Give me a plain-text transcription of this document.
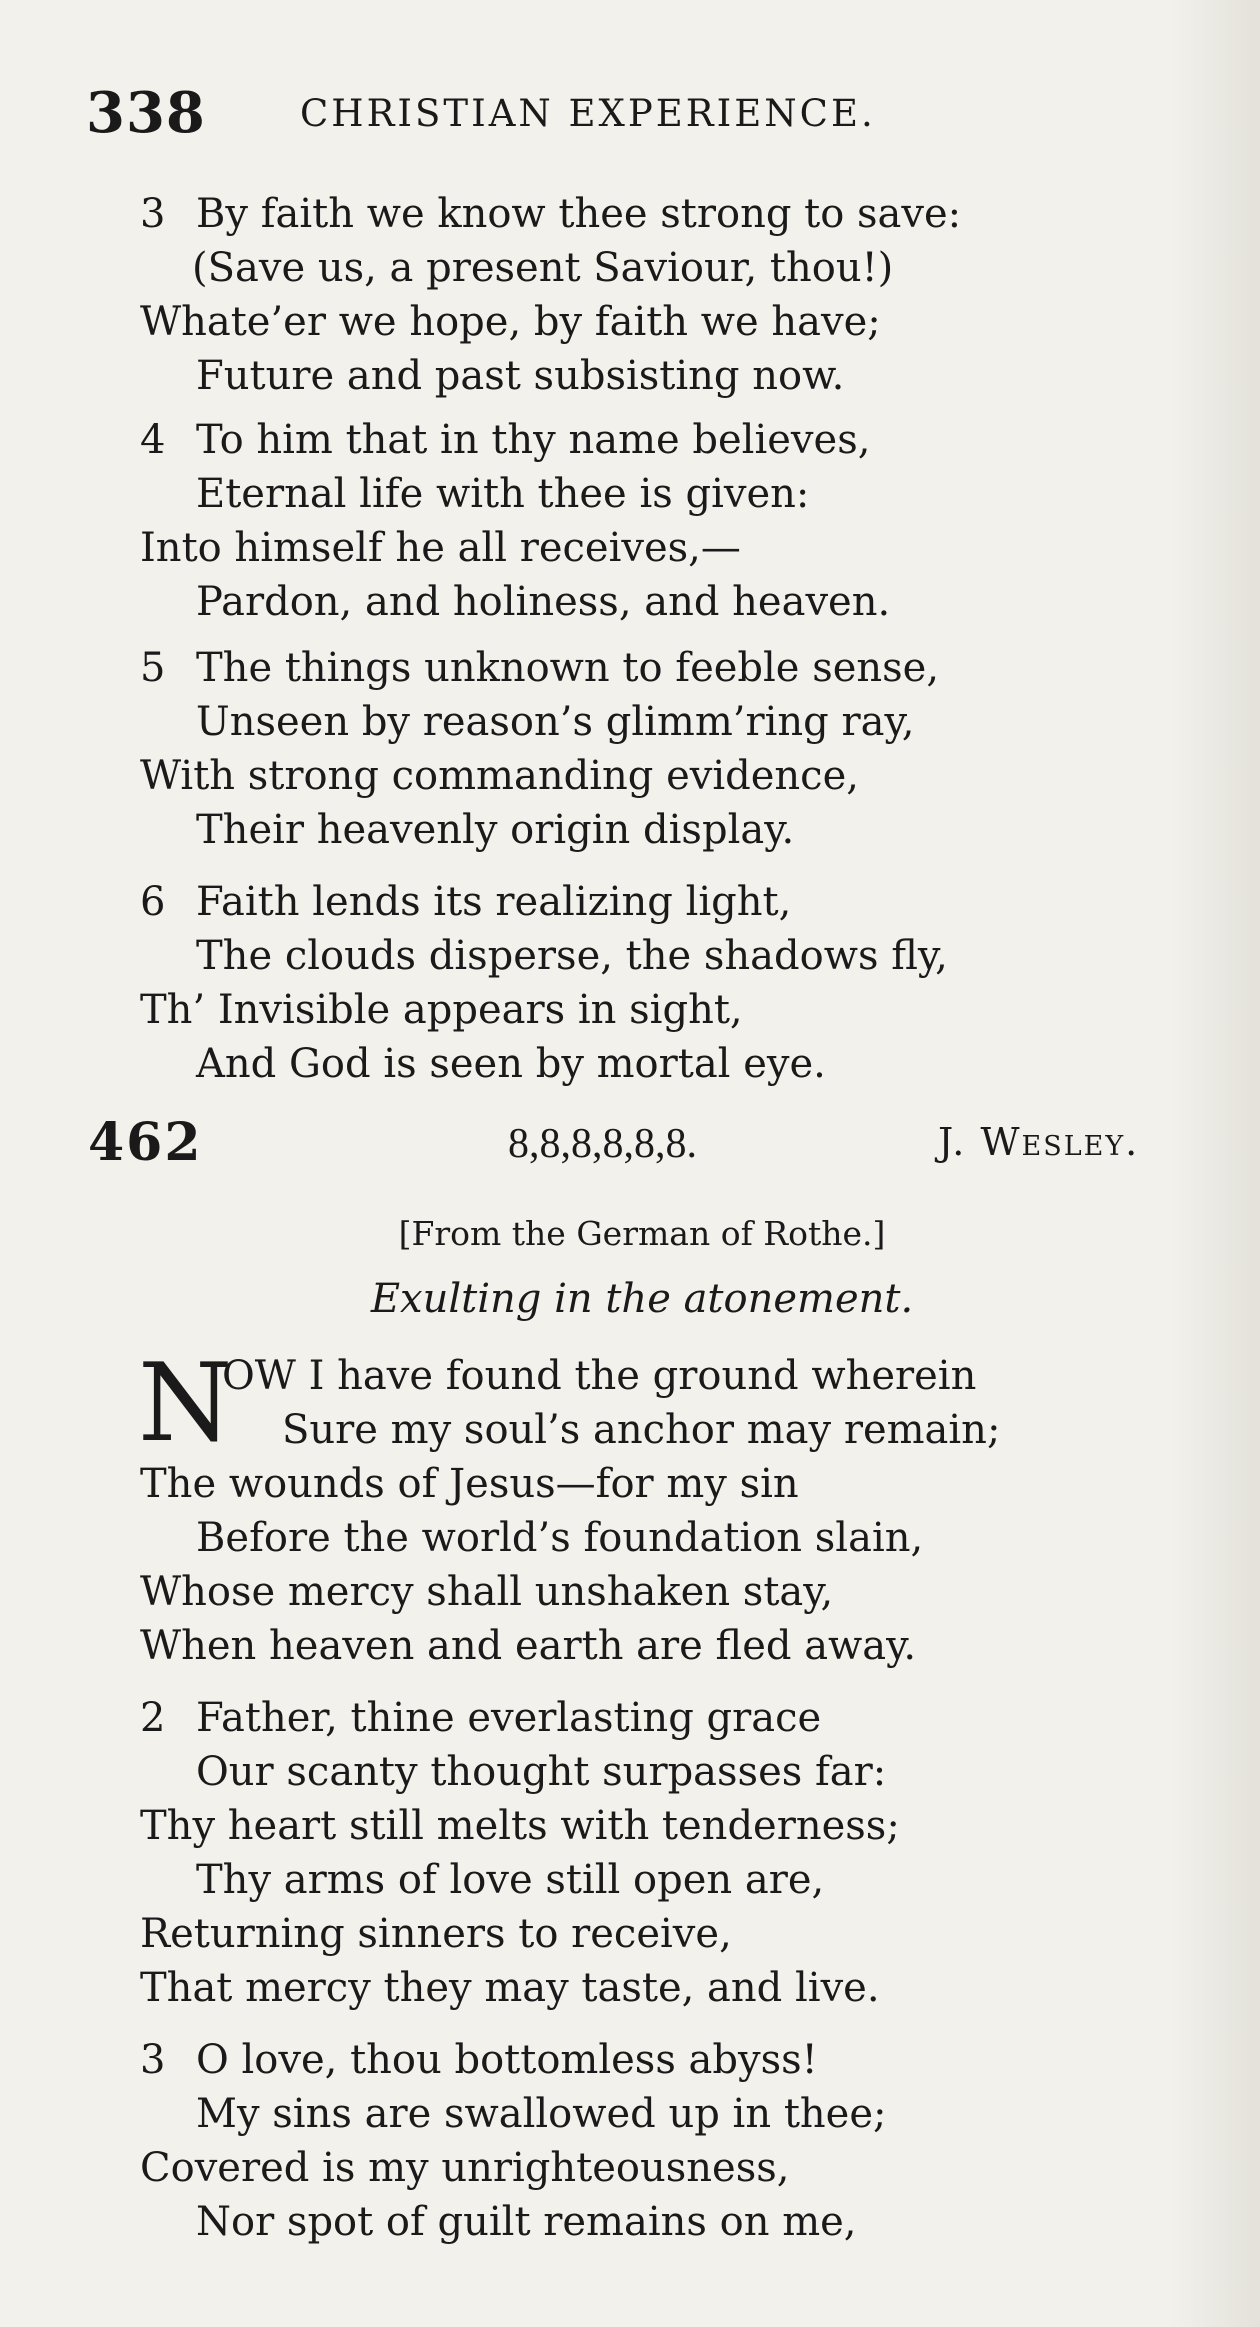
338	CHRISTIAN EXPERIENCE.
3 By faith we know thee strong to save:
(Save us, a present Saviour, thou!)
Whate’er we hope, by faith we have;
Future and past subsisting now.
4 To him that in thy name believes,
Eternal life with thee is given:
Into himself he all receives,—
Pardon, and holiness, and heaven.
5 The things unknown to feeble sense,
Unseen by reason’s glimm’ring ray,
With strong commanding evidence,
Their heavenly origin display.
6 Faith lends its realizing light,
The clouds disperse, the shadows fly,
Th’ Invisible appears in sight,
And God is seen by mortal eye.
462	8,8,8,8,8,8.	J. Wesley.
[From the German of Rothe.]
Exulting in the atonement.
N
OW I have found the ground wherein
Sure my soul’s anchor may remain;
The wounds of Jesus—for my sin
Before the world’s foundation slain,
Whose mercy shall unshaken stay,
When heaven and earth are fled away.
2 Father, thine everlasting grace
Our scanty thought surpasses far:
Thy heart still melts with tenderness;
Thy arms of love still open are,
Returning sinners to receive,
That mercy they may taste, and live.
3 O love, thou bottomless abyss!
My sins are swallowed up in thee;
Covered is my unrighteousness,
Nor spot of guilt remains on me,
